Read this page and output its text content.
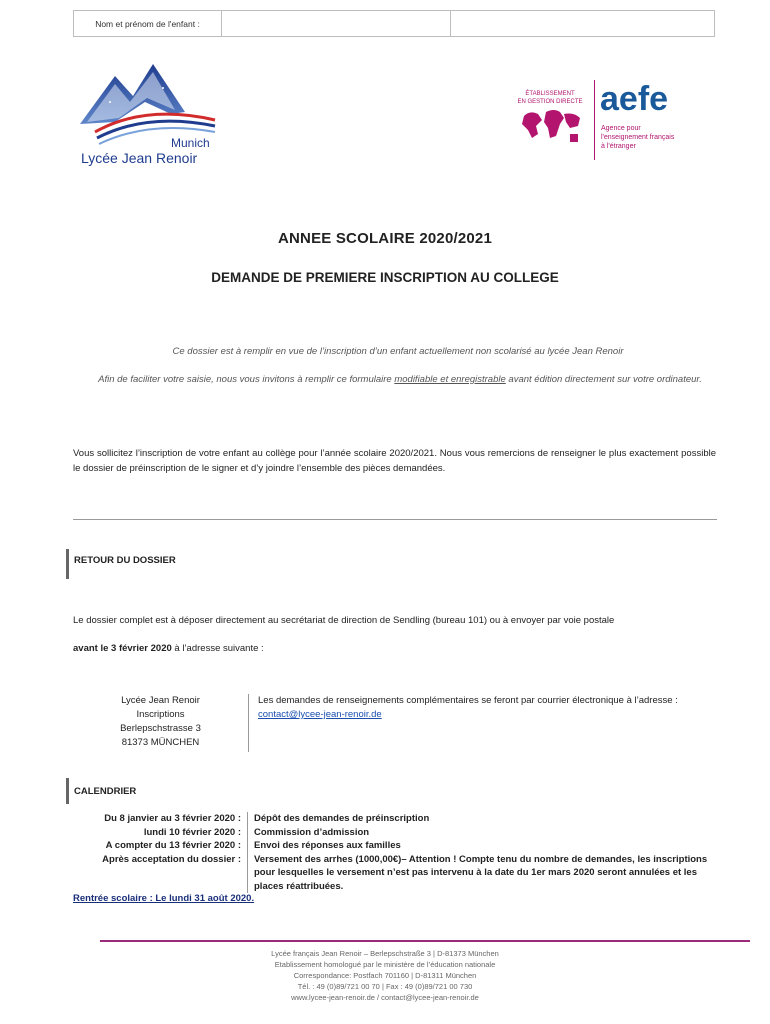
Nom et prénom de l'enfant :
Munich
Lycée Jean Renoir
ÉTABLISSEMENT
EN GESTION DIRECTE aefe
Agence pour
l'enseignement français
à l'étranger
ANNEE SCOLAIRE 2020/2021
DEMANDE DE PREMIERE INSCRIPTION AU COLLEGE
Ce dossier est à remplir en vue de l’inscription d’un enfant actuellement non scolarisé au lycée Jean Renoir
Afin de faciliter votre saisie, nous vous invitons à remplir ce formulaire modifiable et enregistrable avant édition directement sur votre ordinateur.
Vous sollicitez l’inscription de votre enfant au collège pour l’année scolaire 2020/2021. Nous vous remercions de renseigner le plus exactement possible le dossier de préinscription de le signer et d’y joindre l’ensemble des pièces demandées.
RETOUR DU DOSSIER
Le dossier complet est à déposer directement au secrétariat de direction de Sendling (bureau 101) ou à envoyer par voie postale
avant le 3 février 2020 à l’adresse suivante :
Lycée Jean Renoir
Inscriptions
Berlepschstrasse 3
81373 MÜNCHEN
Les demandes de renseignements complémentaires se feront par courrier électronique à l’adresse :
contact@lycee-jean-renoir.de
CALENDRIER
Du 8 janvier au 3 février 2020 :
lundi 10 février 2020 :
A compter du 13 février 2020 :
Après acceptation du dossier :
Dépôt des demandes de préinscription
Commission d’admission
Envoi des réponses aux familles
Versement des arrhes (1000,00€)– Attention ! Compte tenu du nombre de demandes, les inscriptions pour lesquelles le versement n’est pas intervenu à la date du 1er mars 2020 seront annulées et les places réattribuées.
Rentrée scolaire : Le lundi 31 août 2020.
Lycée français Jean Renoir – Berlepschstraße 3 | D-81373 München
Etablissement homologué par le ministère de l’éducation nationale
Correspondance: Postfach 701160 | D-81311 München
Tél. : 49 (0)89/721 00 70 | Fax : 49 (0)89/721 00 730
www.lycee-jean-renoir.de / contact@lycee-jean-renoir.de
